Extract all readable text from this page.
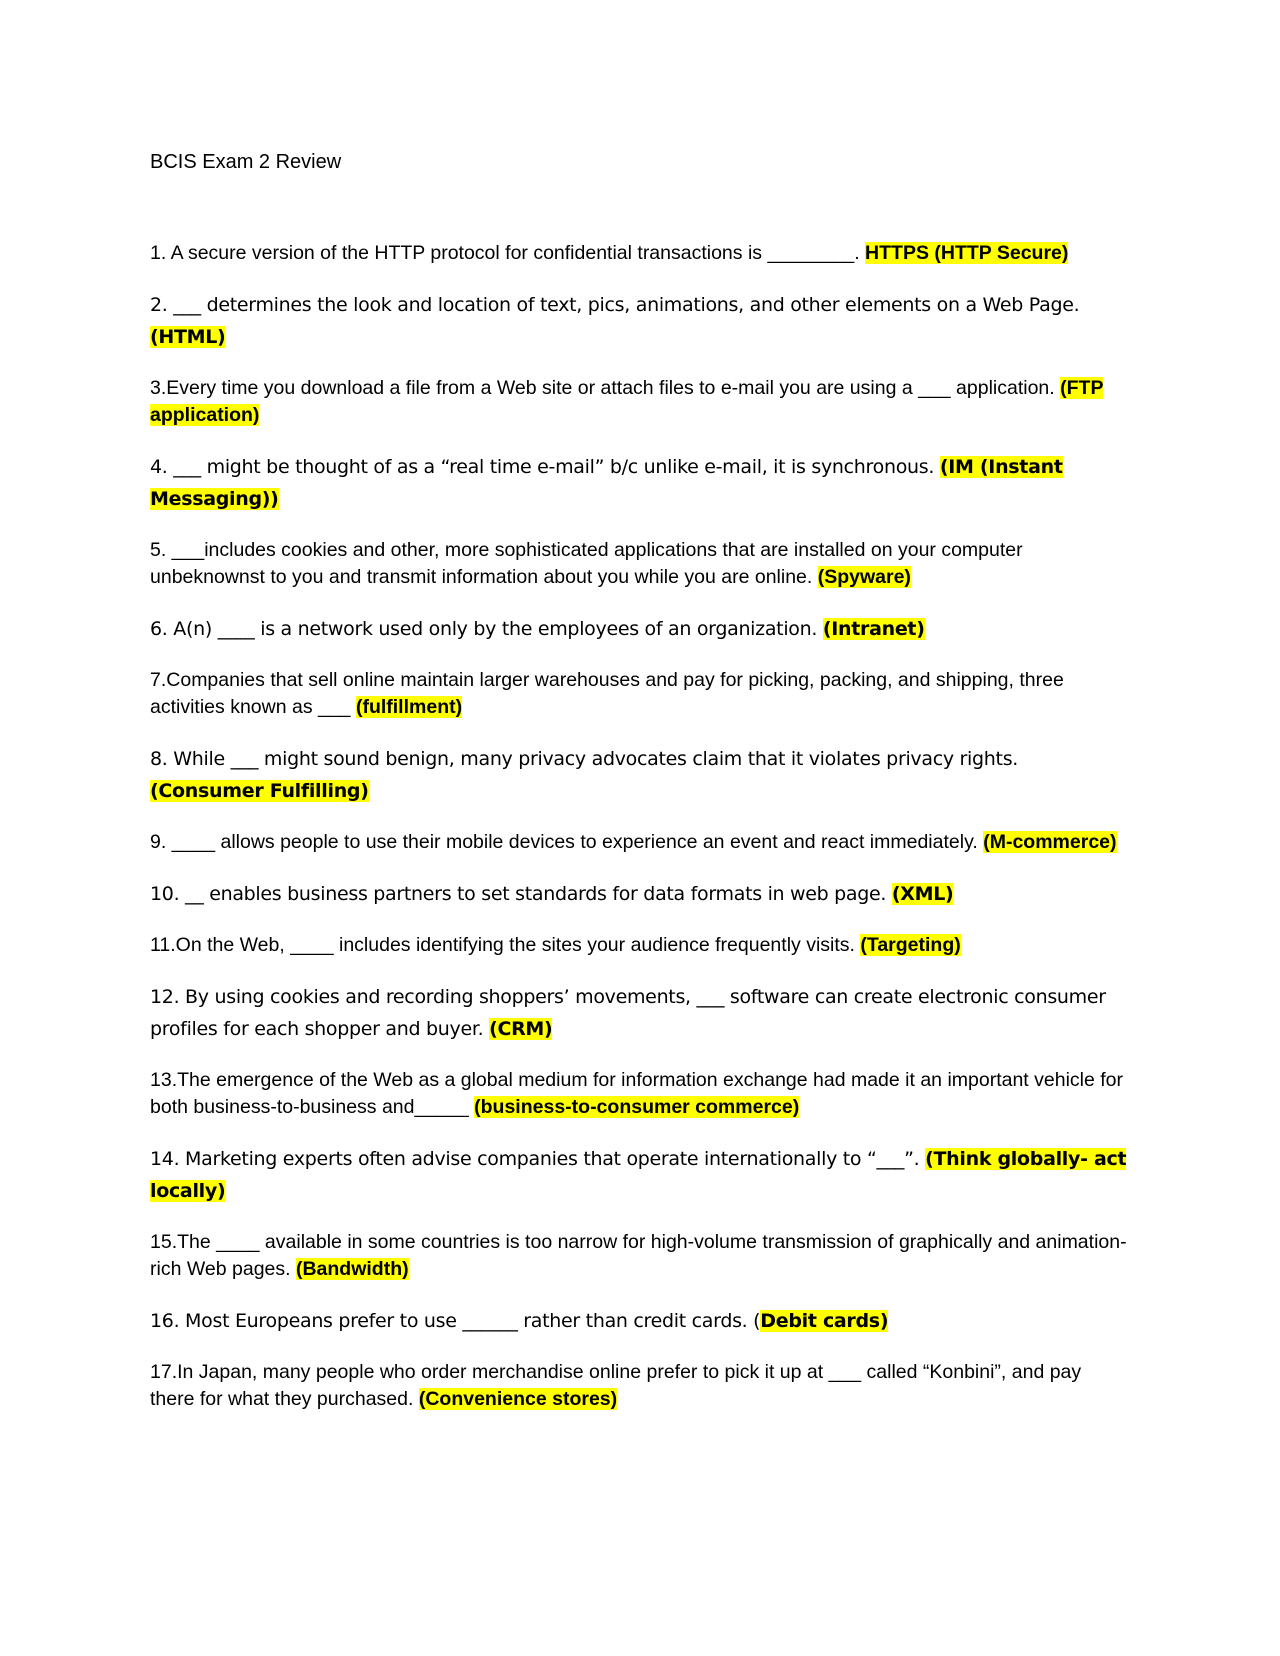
BCIS Exam 2 Review

1. A secure version of the HTTP protocol for confidential transactions is ________. HTTPS (HTTP Secure)

2. ___ determines the look and location of text, pics, animations, and other elements on a Web Page. (HTML)

3.Every time you download a file from a Web site or attach files to e-mail you are using a ___ application. (FTP application)

4. ___ might be thought of as a “real time e-mail” b/c unlike e-mail, it is synchronous. (IM (Instant Messaging))

5. ___includes cookies and other, more sophisticated applications that are installed on your computer unbeknownst to you and transmit information about you while you are online. (Spyware)

6. A(n) ____ is a network used only by the employees of an organization. (Intranet)

7.Companies that sell online maintain larger warehouses and pay for picking, packing, and shipping, three activities known as ___ (fulfillment)

8. While ___ might sound benign, many privacy advocates claim that it violates privacy rights. (Consumer Fulfilling)

9. ____ allows people to use their mobile devices to experience an event and react immediately. (M-commerce)

10. __ enables business partners to set standards for data formats in web page. (XML)

11.On the Web, ____ includes identifying the sites your audience frequently visits. (Targeting)

12. By using cookies and recording shoppers’ movements, ___ software can create electronic consumer profiles for each shopper and buyer. (CRM)

13.The emergence of the Web as a global medium for information exchange had made it an important vehicle for both business-to-business and_____ (business-to-consumer commerce)

14. Marketing experts often advise companies that operate internationally to “___”. (Think globally- act locally)

15.The ____ available in some countries is too narrow for high-volume transmission of graphically and animation-rich Web pages. (Bandwidth)

16. Most Europeans prefer to use ______ rather than credit cards. (Debit cards)

17.In Japan, many people who order merchandise online prefer to pick it up at ___ called “Konbini”, and pay there for what they purchased. (Convenience stores)
